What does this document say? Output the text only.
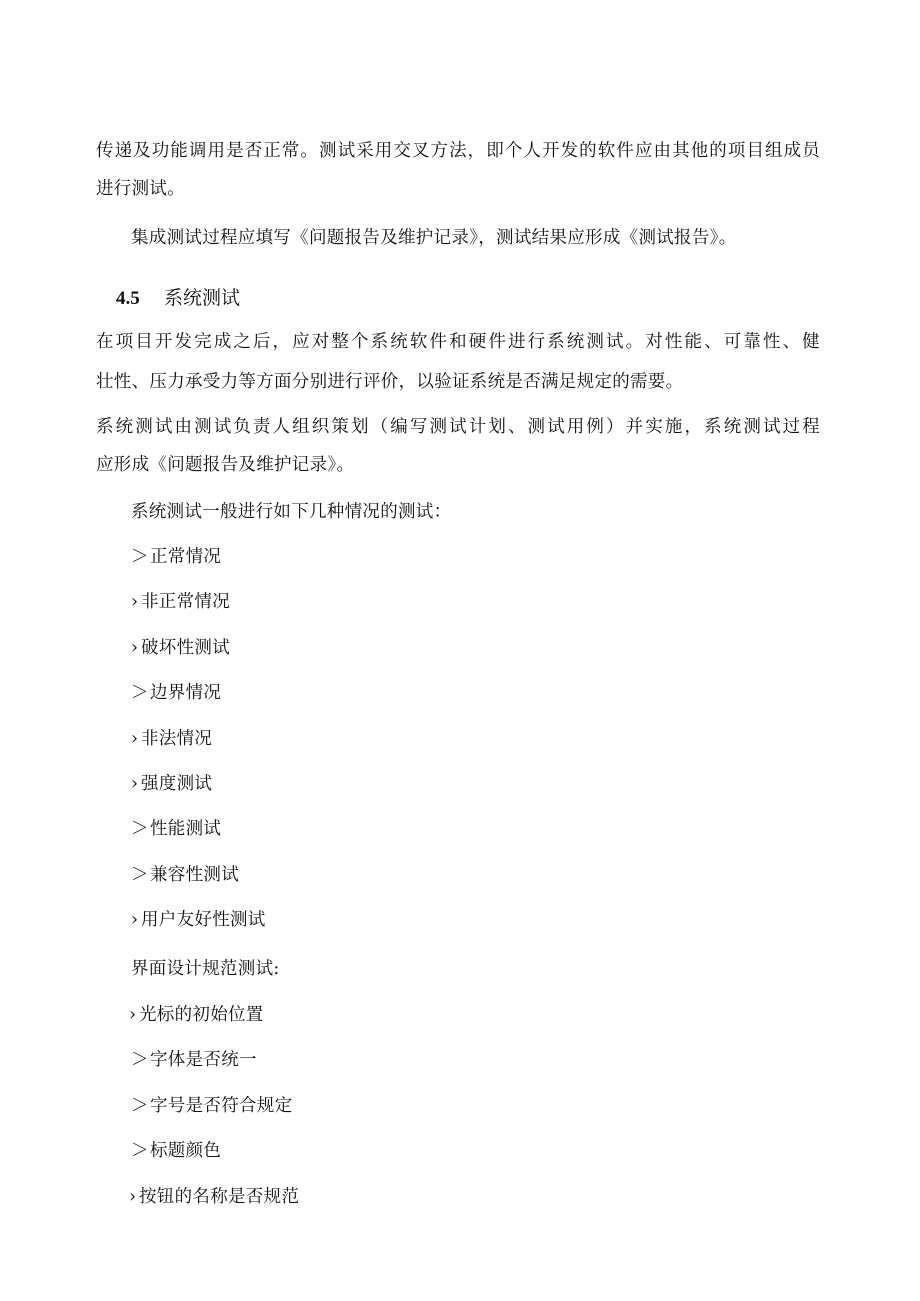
传递及功能调用是否正常。测试采用交叉方法，即个人开发的软件应由其他的项目组成员
进行测试。
集成测试过程应填写《问题报告及维护记录》，测试结果应形成《测试报告》。
4.5 系统测试
在项目开发完成之后，应对整个系统软件和硬件进行系统测试。对性能、可靠性、健
壮性、压力承受力等方面分别进行评价，以验证系统是否满足规定的需要。
系统测试由测试负责人组织策划（编写测试计划、测试用例）并实施，系统测试过程
应形成《问题报告及维护记录》。
系统测试一般进行如下几种情况的测试：
＞正常情况
› 非正常情况
› 破坏性测试
＞边界情况
› 非法情况
› 强度测试
＞性能测试
＞兼容性测试
› 用户友好性测试
界面设计规范测试:
› 光标的初始位置
＞字体是否统一
＞字号是否符合规定
＞标题颜色
› 按钮的名称是否规范
